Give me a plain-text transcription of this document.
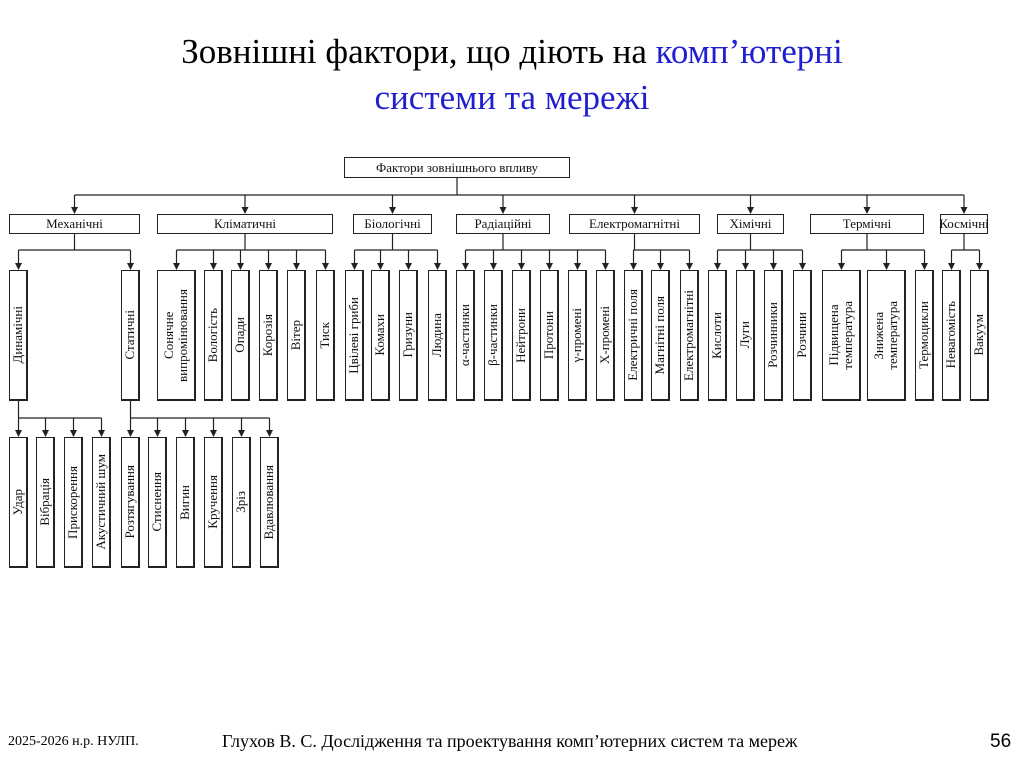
Зовнішні фактори, що діють на комп’ютерні
системи та мережі
Фактори зовнішнього впливу
Механічні
Динамічні
Удар Вібрація Прискорення Акустичний шум
Статичні
Розтягування Стиснення Вигин Кручення Зріз Вдавлювання
Кліматичні
Сонячне
випромінювання Вологість Опади Корозія Вітер Тиск
Біологічні
Цвілеві гриби Комахи Гризуни Людина
Радіаційні
α-частинки β-частинки Нейтрони Протони γ-промені X-промені
Електромагнітні
Електричні поля Магнітні поля Електромагнітні
Хімічні
Кислоти Луги Розчинники Розчини
Термічні
Підвищена
температура Знижена
температура Термоцикли
Космічні
Невагомість Вакуум
2025-2026 н.р. НУЛП.	Глухов В. С. Дослідження та проектування комп’ютерних систем та мереж	56
